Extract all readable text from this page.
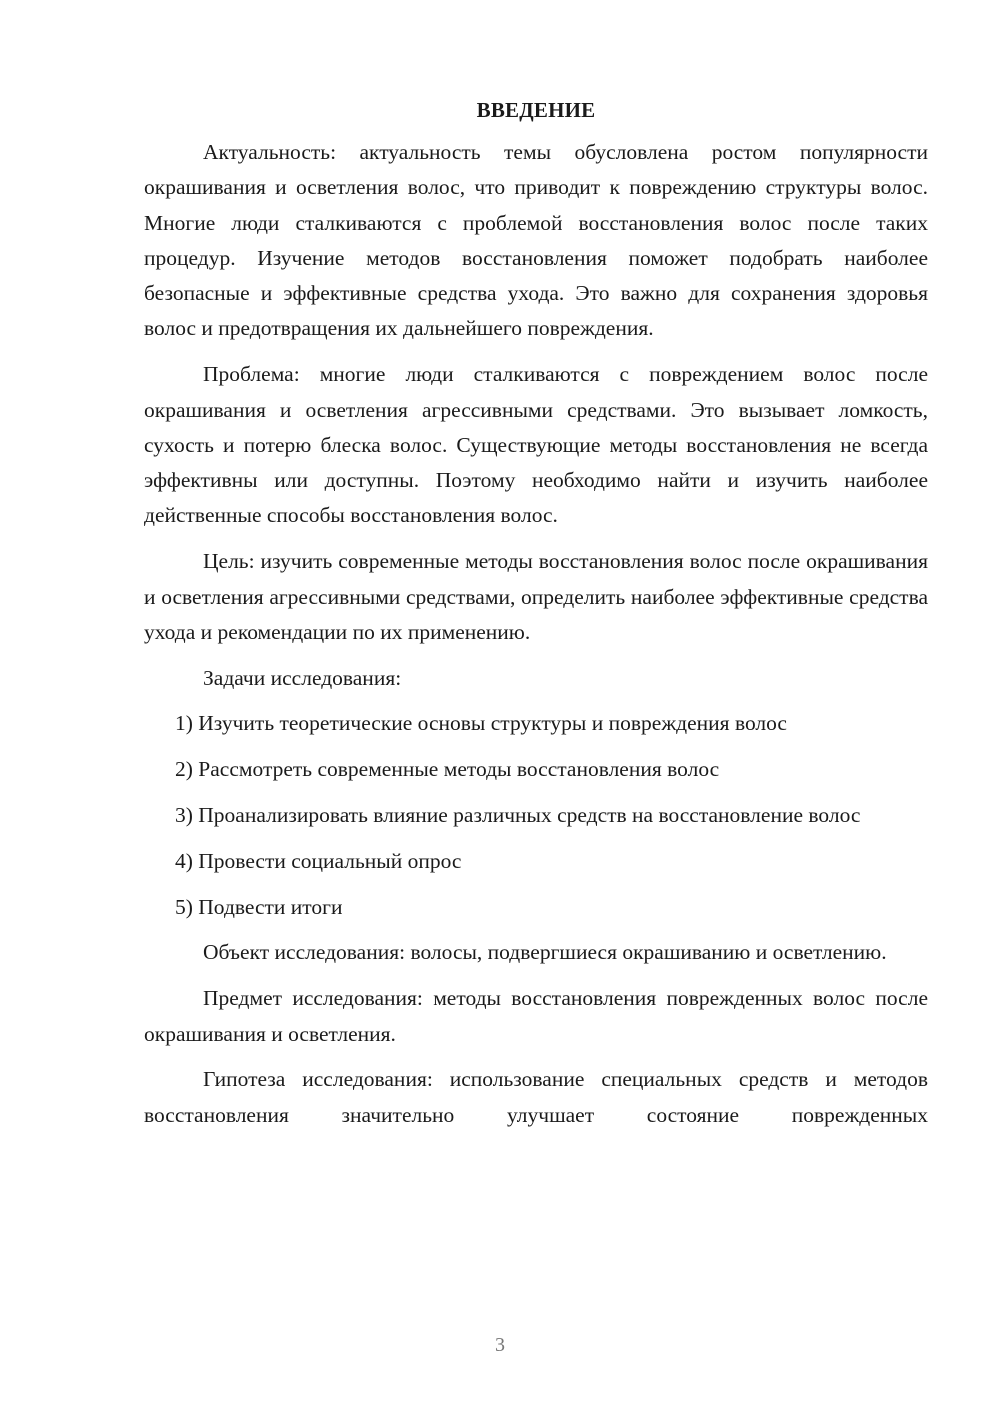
ВВЕДЕНИЕ

Актуальность: актуальность темы обусловлена ростом популярности окрашивания и осветления волос, что приводит к повреждению структуры волос. Многие люди сталкиваются с проблемой восстановления волос после таких процедур. Изучение методов восстановления поможет подобрать наиболее безопасные и эффективные средства ухода. Это важно для сохранения здоровья волос и предотвращения их дальнейшего повреждения.

Проблема: многие люди сталкиваются с повреждением волос после окрашивания и осветления агрессивными средствами. Это вызывает ломкость, сухость и потерю блеска волос. Существующие методы восстановления не всегда эффективны или доступны. Поэтому необходимо найти и изучить наиболее действенные способы восстановления волос.

Цель: изучить современные методы восстановления волос после окрашивания и осветления агрессивными средствами, определить наиболее эффективные средства ухода и рекомендации по их применению.

Задачи исследования:

1) Изучить теоретические основы структуры и повреждения волос

2) Рассмотреть современные методы восстановления волос

3) Проанализировать влияние различных средств на восстановление волос

4) Провести социальный опрос

5) Подвести итоги

Объект исследования: волосы, подвергшиеся окрашиванию и осветлению.

Предмет исследования: методы восстановления поврежденных волос после окрашивания и осветления.

Гипотеза исследования: использование специальных средств и методов восстановления значительно улучшает состояние поврежденных

3
